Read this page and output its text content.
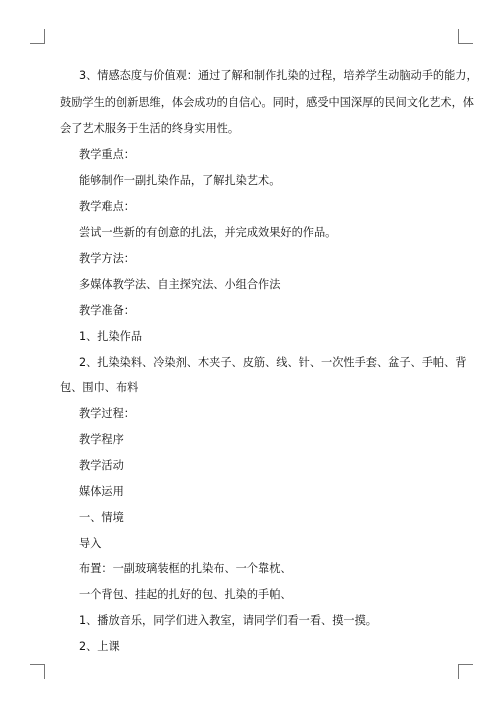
3、情感态度与价值观：通过了解和制作扎染的过程，培养学生动脑动手的能力，
鼓励学生的创新思维，体会成功的自信心。同时，感受中国深厚的民间文化艺术，体
会了艺术服务于生活的终身实用性。
教学重点：
能够制作一副扎染作品，了解扎染艺术。
教学难点：
尝试一些新的有创意的扎法，并完成效果好的作品。
教学方法：
多媒体教学法、自主探究法、小组合作法
教学准备：
1、扎染作品
2、扎染染料、冷染剂、木夹子、皮筋、线、针、一次性手套、盆子、手帕、背
包、围巾、布料
教学过程：
教学程序
教学活动
媒体运用
一、情境
导入
布置：一副玻璃装框的扎染布、一个靠枕、
一个背包、挂起的扎好的包、扎染的手帕、
1、播放音乐，同学们进入教室，请同学们看一看、摸一摸。
2、上课
